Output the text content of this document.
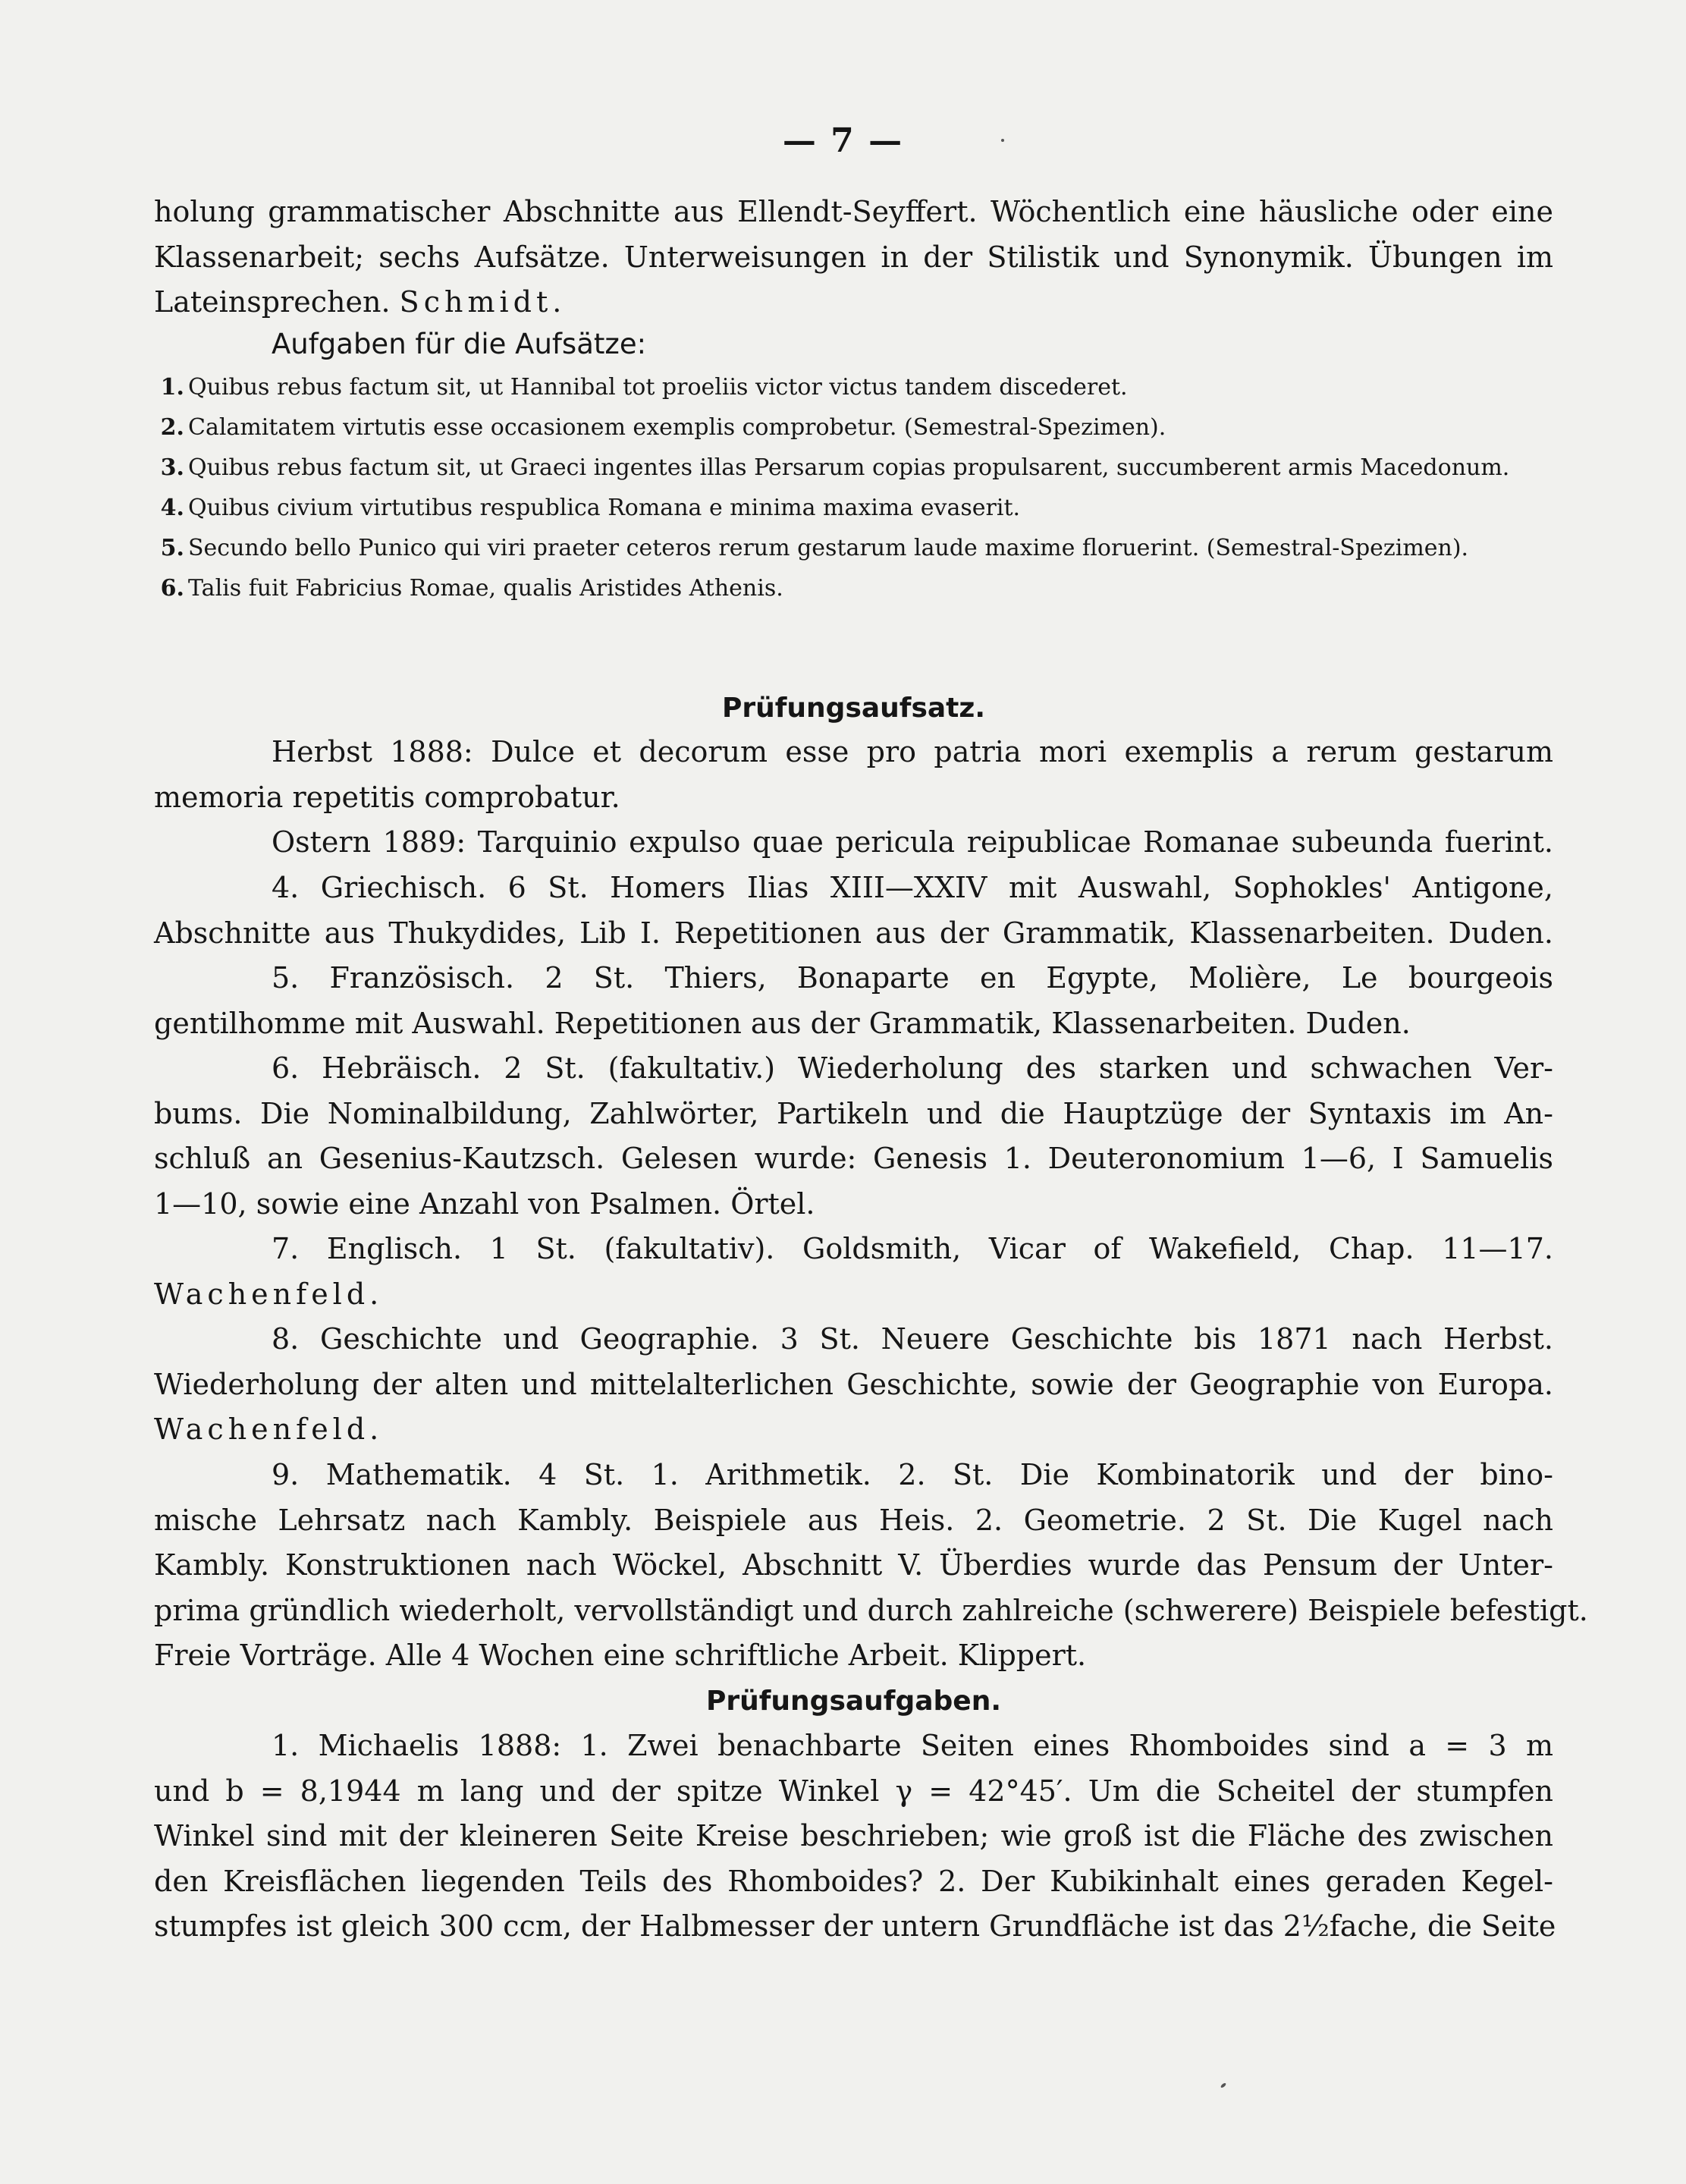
— 7 —

holung grammatischer Abschnitte aus Ellendt-Seyffert. Wöchentlich eine häusliche oder eine
Klassenarbeit; sechs Aufsätze. Unterweisungen in der Stilistik und Synonymik. Übungen im
Lateinsprechen. Schmidt.

Aufgaben für die Aufsätze:
1. Quibus rebus factum sit, ut Hannibal tot proeliis victor victus tandem discederet.
2. Calamitatem virtutis esse occasionem exemplis comprobetur. (Semestral-Spezimen).
3. Quibus rebus factum sit, ut Graeci ingentes illas Persarum copias propulsarent, succumberent armis Macedonum.
4. Quibus civium virtutibus respublica Romana e minima maxima evaserit.
5. Secundo bello Punico qui viri praeter ceteros rerum gestarum laude maxime floruerint. (Semestral-Spezimen).
6. Talis fuit Fabricius Romae, qualis Aristides Athenis.
Prüfungsaufsatz.

Herbst 1888: Dulce et decorum esse pro patria mori exemplis a rerum gestarum
memoria repetitis comprobatur.
Ostern 1889: Tarquinio expulso quae pericula reipublicae Romanae subeunda fuerint.

4. Griechisch. 6 St. Homers Ilias XIII—XXIV mit Auswahl, Sophokles' Antigone,
Abschnitte aus Thukydides, Lib I. Repetitionen aus der Grammatik, Klassenarbeiten. Duden.

5. Französisch. 2 St. Thiers, Bonaparte en Egypte, Molière, Le bourgeois
gentilhomme mit Auswahl. Repetitionen aus der Grammatik, Klassenarbeiten. Duden.

6. Hebräisch. 2 St. (fakultativ.) Wiederholung des starken und schwachen Ver-
bums. Die Nominalbildung, Zahlwörter, Partikeln und die Hauptzüge der Syntaxis im An-
schluß an Gesenius-Kautzsch. Gelesen wurde: Genesis 1. Deuteronomium 1—6, I Samuelis
1—10, sowie eine Anzahl von Psalmen. Örtel.

7. Englisch. 1 St. (fakultativ). Goldsmith, Vicar of Wakefield, Chap. 11—17.
Wachenfeld.

8. Geschichte und Geographie. 3 St. Neuere Geschichte bis 1871 nach Herbst.
Wiederholung der alten und mittelalterlichen Geschichte, sowie der Geographie von Europa.
Wachenfeld.

9. Mathematik. 4 St. 1. Arithmetik. 2. St. Die Kombinatorik und der bino-
mische Lehrsatz nach Kambly. Beispiele aus Heis. 2. Geometrie. 2 St. Die Kugel nach
Kambly. Konstruktionen nach Wöckel, Abschnitt V. Überdies wurde das Pensum der Unter-
prima gründlich wiederholt, vervollständigt und durch zahlreiche (schwerere) Beispiele befestigt.
Freie Vorträge. Alle 4 Wochen eine schriftliche Arbeit. Klippert.

Prüfungsaufgaben.

1. Michaelis 1888: 1. Zwei benachbarte Seiten eines Rhomboides sind a = 3 m
und b = 8,1944 m lang und der spitze Winkel γ = 42°45′. Um die Scheitel der stumpfen
Winkel sind mit der kleineren Seite Kreise beschrieben; wie groß ist die Fläche des zwischen
den Kreisflächen liegenden Teils des Rhomboides? 2. Der Kubikinhalt eines geraden Kegel-
stumpfes ist gleich 300 ccm, der Halbmesser der untern Grundfläche ist das 2½fache, die Seite
